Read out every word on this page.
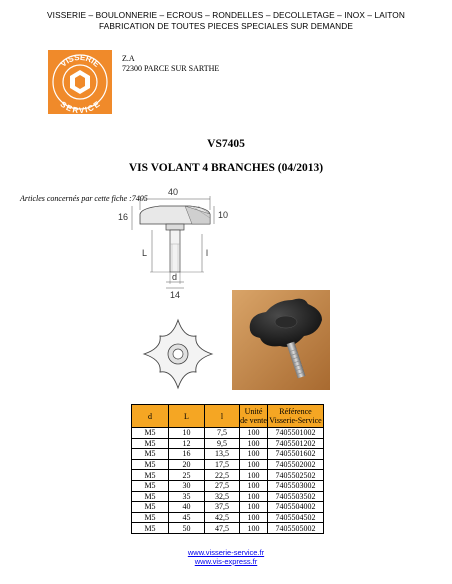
VISSERIE – BOULONNERIE – ECROUS – RONDELLES – DECOLLETAGE – INOX – LAITON
FABRICATION DE TOUTES PIECES SPECIALES SUR DEMANDE
VISSERIE
SERVICE
Z.A
72300 PARCE SUR SARTHE
VS7405
VIS VOLANT 4 BRANCHES (04/2013)
Articles concernés par cette fiche :7405
40
16	10
L	l
d
14
d	L	l	Unité de vente	Référence Visserie-Service
M5	10	7,5	100	7405501002
M5	12	9,5	100	7405501202
M5	16	13,5	100	7405501602
M5	20	17,5	100	7405502002
M5	25	22,5	100	7405502502
M5	30	27,5	100	7405503002
M5	35	32,5	100	7405503502
M5	40	37,5	100	7405504002
M5	45	42,5	100	7405504502
M5	50	47,5	100	7405505002
www.visserie-service.fr
www.vis-express.fr
